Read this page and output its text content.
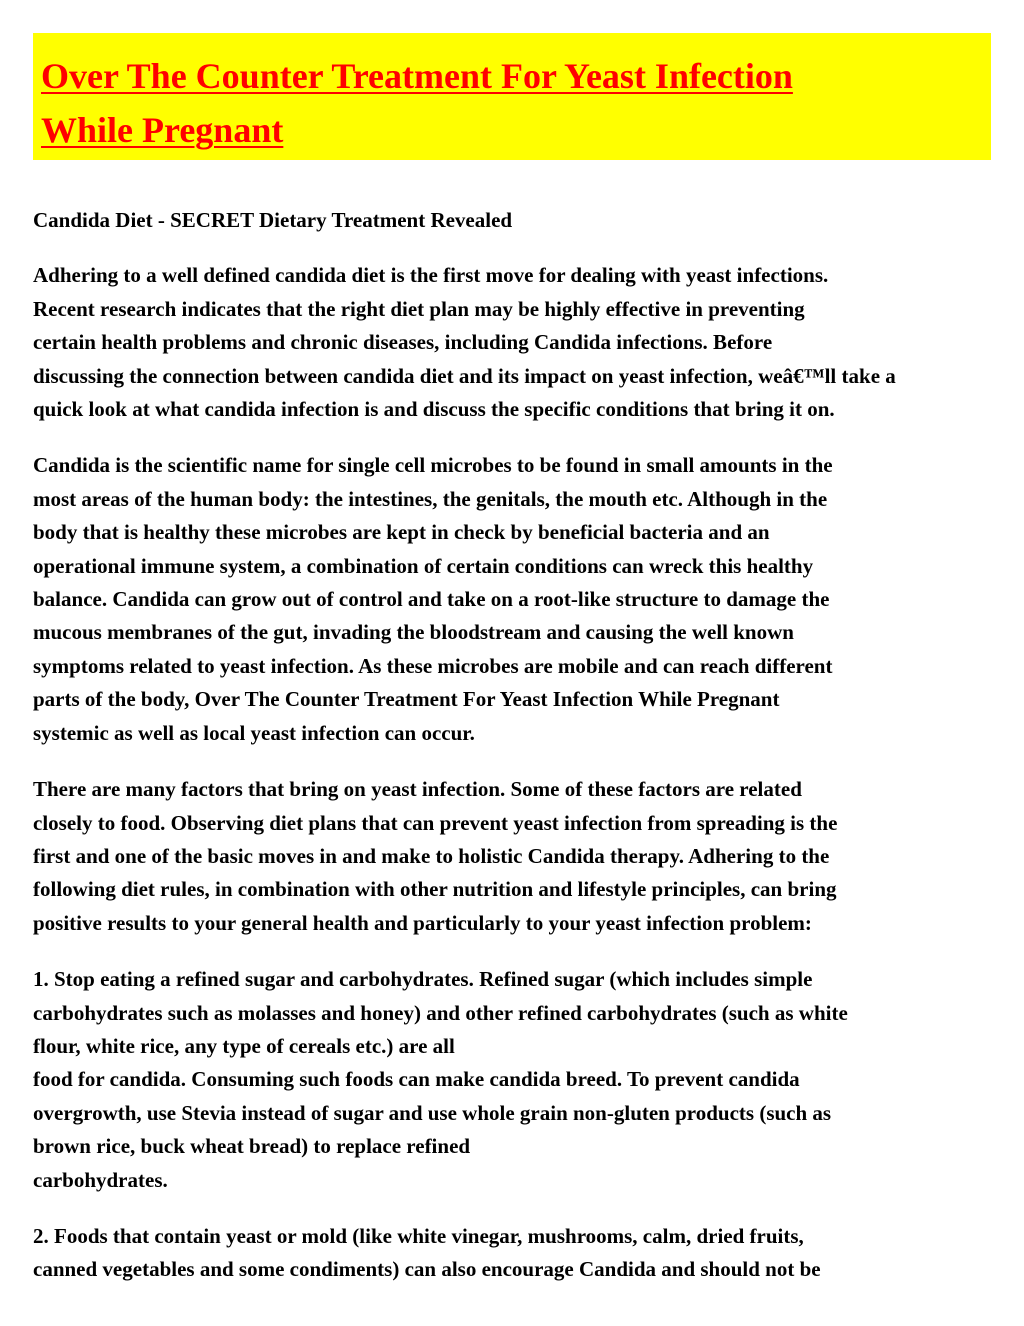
Over The Counter Treatment For Yeast Infection
While Pregnant

Candida Diet - SECRET Dietary Treatment Revealed

Adhering to a well defined candida diet is the first move for dealing with yeast infections.
Recent research indicates that the right diet plan may be highly effective in preventing
certain health problems and chronic diseases, including Candida infections. Before
discussing the connection between candida diet and its impact on yeast infection, weâ€™ll take a
quick look at what candida infection is and discuss the specific conditions that bring it on.

Candida is the scientific name for single cell microbes to be found in small amounts in the
most areas of the human body: the intestines, the genitals, the mouth etc. Although in the
body that is healthy these microbes are kept in check by beneficial bacteria and an
operational immune system, a combination of certain conditions can wreck this healthy
balance. Candida can grow out of control and take on a root-like structure to damage the
mucous membranes of the gut, invading the bloodstream and causing the well known
symptoms related to yeast infection. As these microbes are mobile and can reach different
parts of the body, Over The Counter Treatment For Yeast Infection While Pregnant
systemic as well as local yeast infection can occur.

There are many factors that bring on yeast infection. Some of these factors are related
closely to food. Observing diet plans that can prevent yeast infection from spreading is the
first and one of the basic moves in and make to holistic Candida therapy. Adhering to the
following diet rules, in combination with other nutrition and lifestyle principles, can bring
positive results to your general health and particularly to your yeast infection problem:

1. Stop eating a refined sugar and carbohydrates. Refined sugar (which includes simple
carbohydrates such as molasses and honey) and other refined carbohydrates (such as white
flour, white rice, any type of cereals etc.) are all
food for candida. Consuming such foods can make candida breed. To prevent candida
overgrowth, use Stevia instead of sugar and use whole grain non-gluten products (such as
brown rice, buck wheat bread) to replace refined
carbohydrates.

2. Foods that contain yeast or mold (like white vinegar, mushrooms, calm, dried fruits,
canned vegetables and some condiments) can also encourage Candida and should not be
